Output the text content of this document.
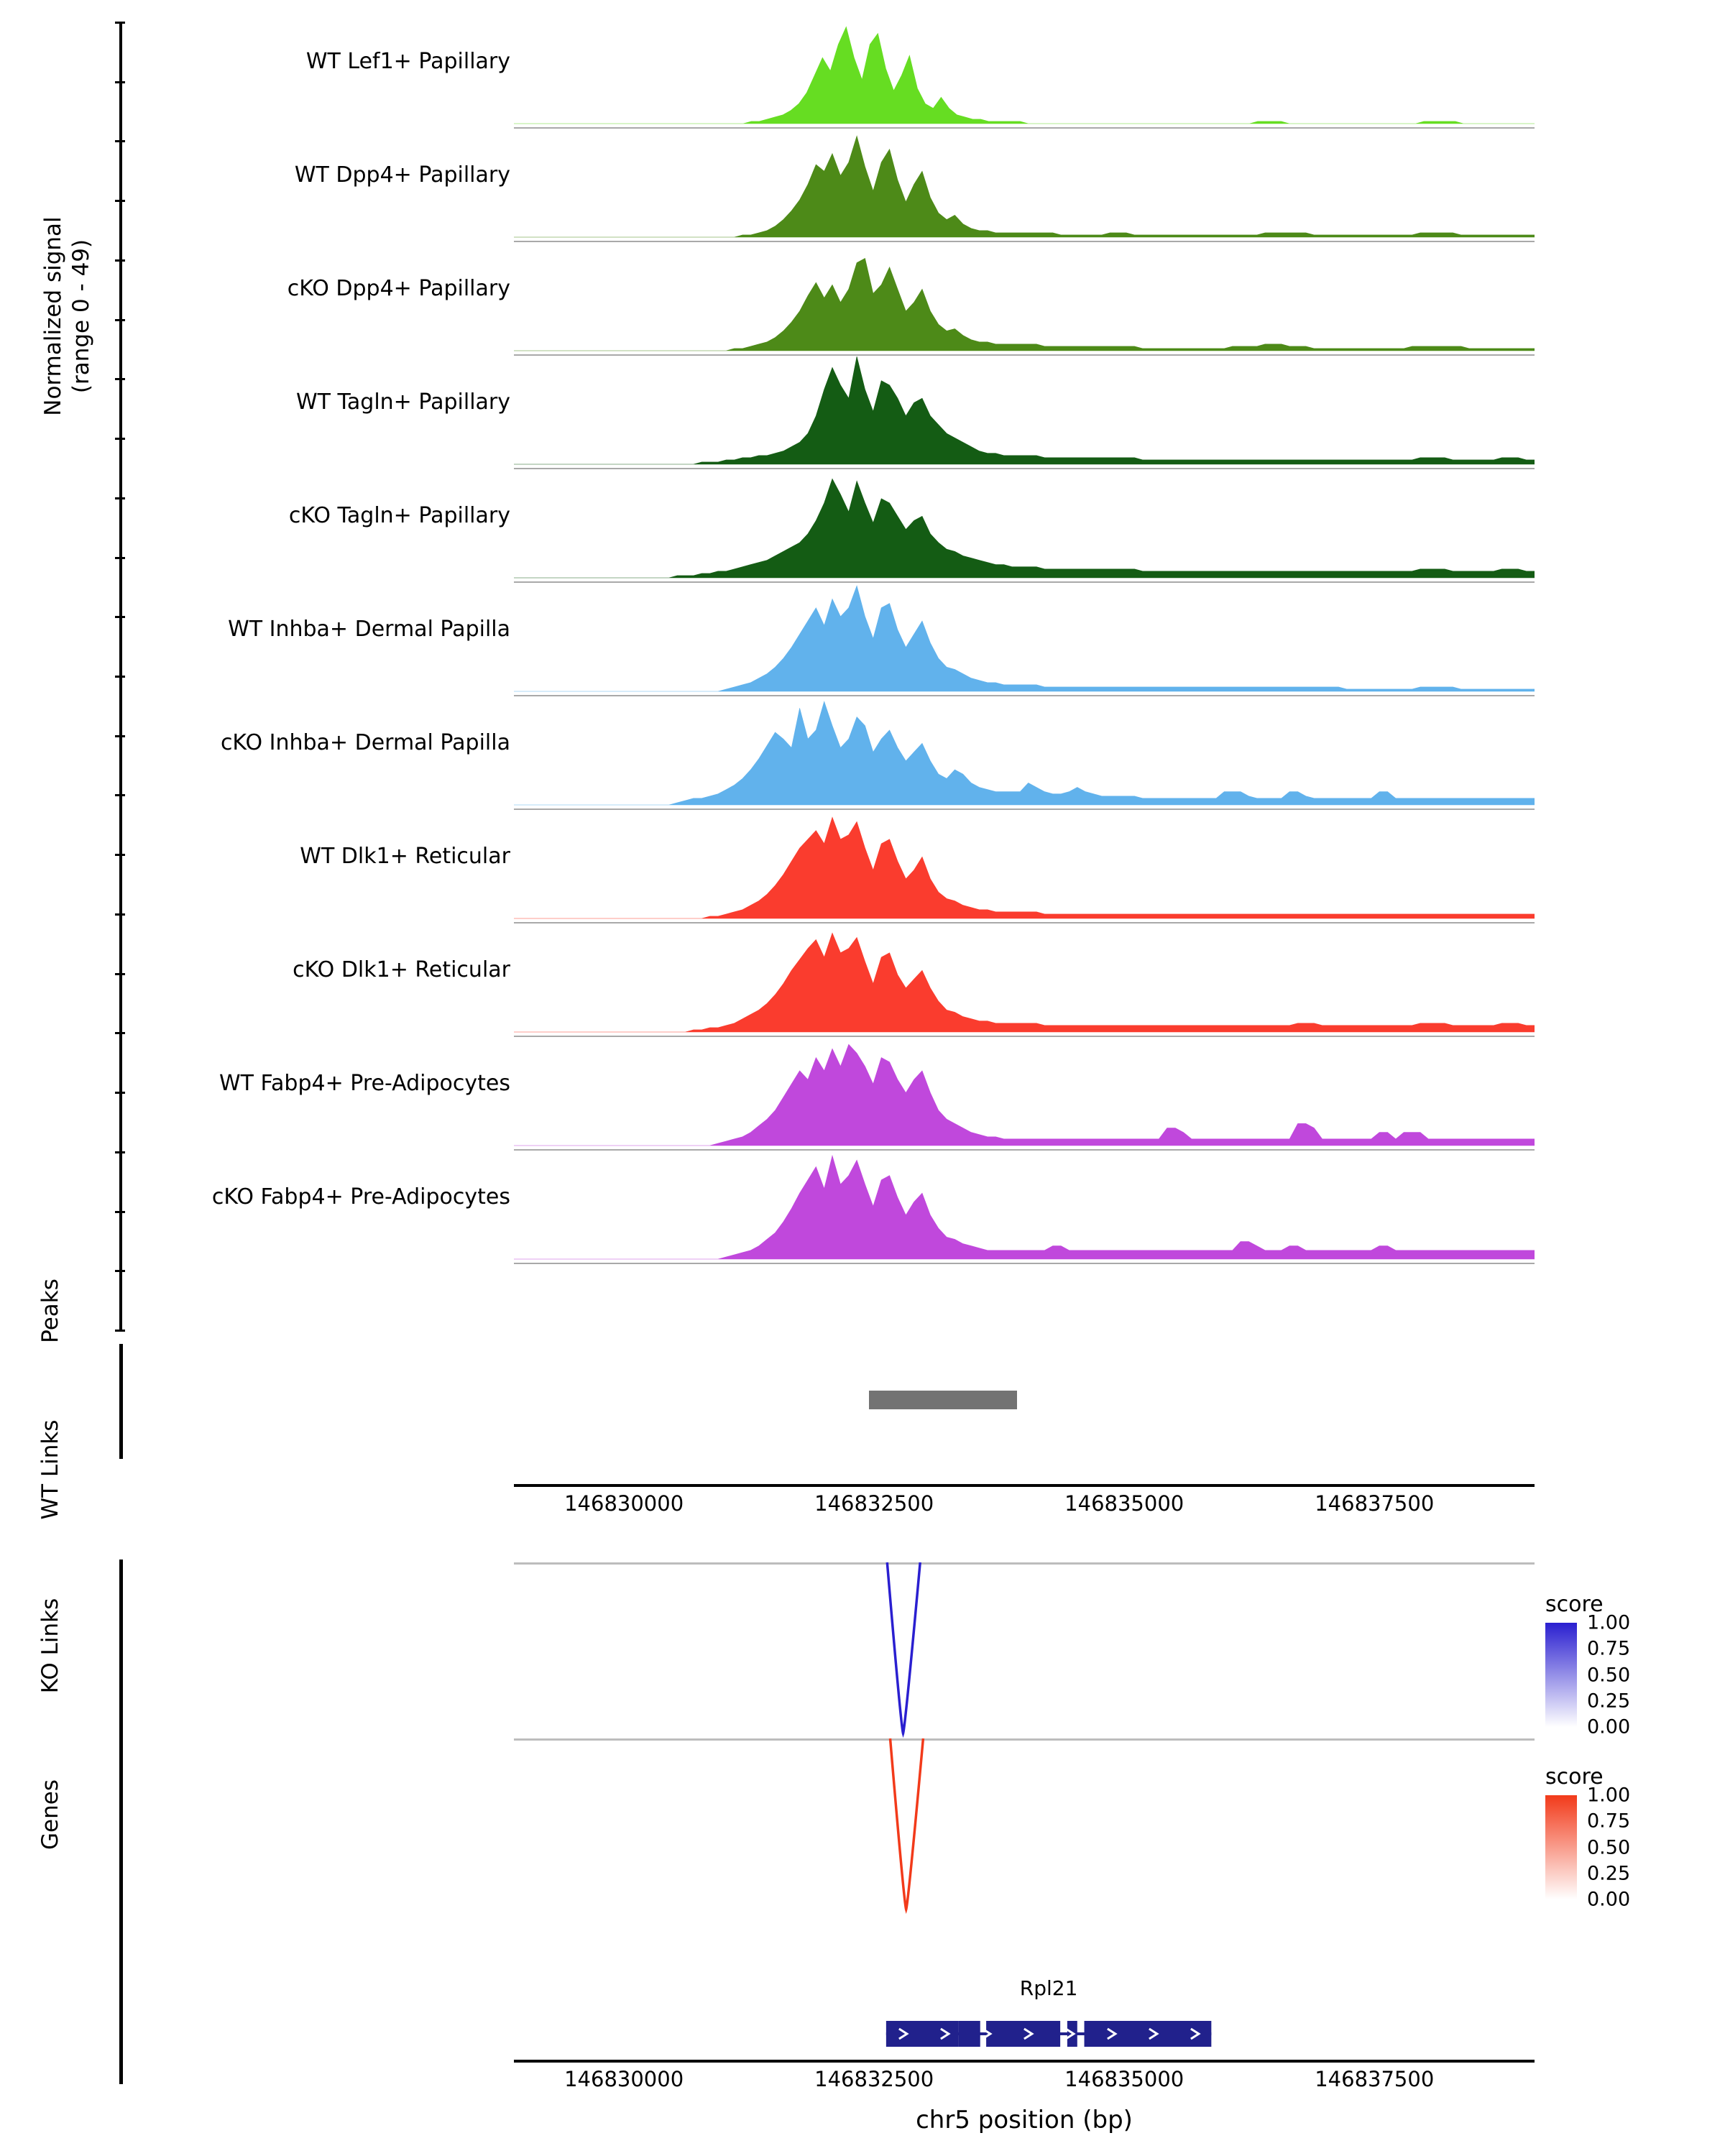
Normalized signal
(range 0 - 49)
WT Lef1+ Papillary
WT Dpp4+ Papillary
cKO Dpp4+ Papillary
WT Tagln+ Papillary
cKO Tagln+ Papillary
WT Inhba+ Dermal Papilla
cKO Inhba+ Dermal Papilla
WT Dlk1+ Reticular
cKO Dlk1+ Reticular
WT Fabp4+ Pre-Adipocytes
cKO Fabp4+ Pre-Adipocytes
Peaks
146830000	146832500	146835000	146837500
WT Links
score
1.00
0.75
0.50
0.25
0.00
KO Links
score
1.00
0.75
0.50
0.25
0.00
Genes
Rpl21
146830000	146832500	146835000	146837500
chr5 position (bp)
